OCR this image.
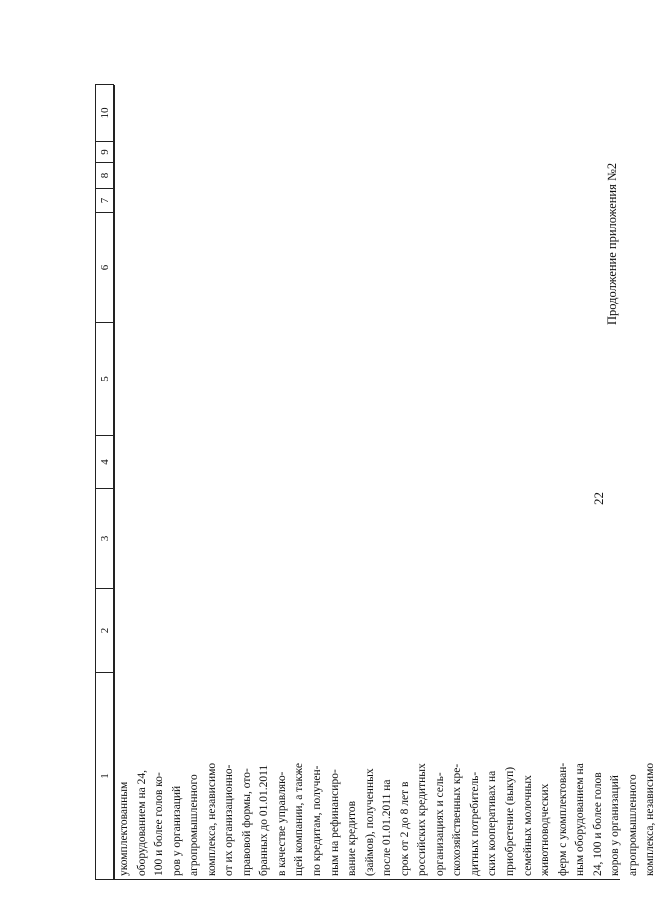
22
Продолжение приложения №2
1	2	3	4	5	6	7	8	9	10

укомплектованным
оборудованием на 24,
100 и более голов ко-
ров у организаций
агропромышленного
комплекса, независимо
от их организационно-
правовой формы, ото-
бранных до 01.01.2011
в качестве управляю-
щей компании, а также
по кредитам, получен-
ным на рефинансиро-
вание кредитов
(займов), полученных
после 01.01.2011 на
срок от 2 до 8 лет в
российских кредитных
организациях и сель-
скохозяйственных кре-
дитных потребитель-
ских кооперативах на
приобретение (выкуп)
семейных молочных
животноводческих
ферм с укомплектован-
ным оборудованием на
24, 100 и более голов
коров у организаций
агропромышленного
комплекса, независимо
